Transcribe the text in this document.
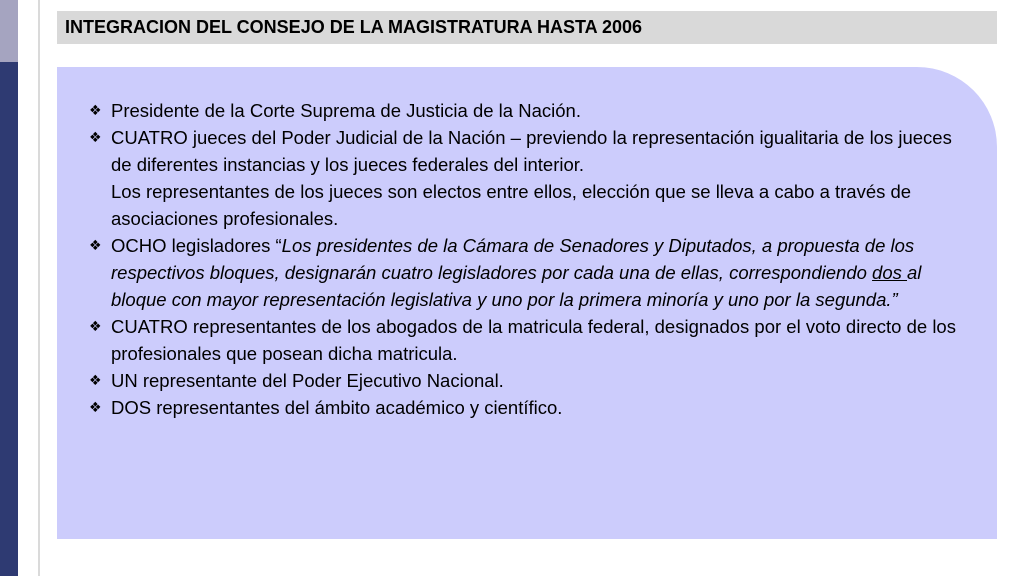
INTEGRACION DEL CONSEJO DE LA MAGISTRATURA HASTA 2006
❖ Presidente de la Corte Suprema de Justicia de la Nación.
❖ CUATRO jueces del Poder Judicial de la Nación – previendo la representación igualitaria de los jueces de diferentes instancias y los jueces federales del interior.
Los representantes de los jueces son electos entre ellos, elección que se lleva a cabo a través de asociaciones profesionales.
❖ OCHO legisladores “Los presidentes de la Cámara de Senadores y Diputados, a propuesta de los respectivos bloques, designarán cuatro legisladores por cada una de ellas, correspondiendo dos al bloque con mayor representación legislativa y uno por la primera minoría y uno por la segunda.”
❖ CUATRO representantes de los abogados de la matricula federal, designados por el voto directo de los profesionales que posean dicha matricula.
❖ UN representante del Poder Ejecutivo Nacional.
❖ DOS representantes del ámbito académico y científico.
